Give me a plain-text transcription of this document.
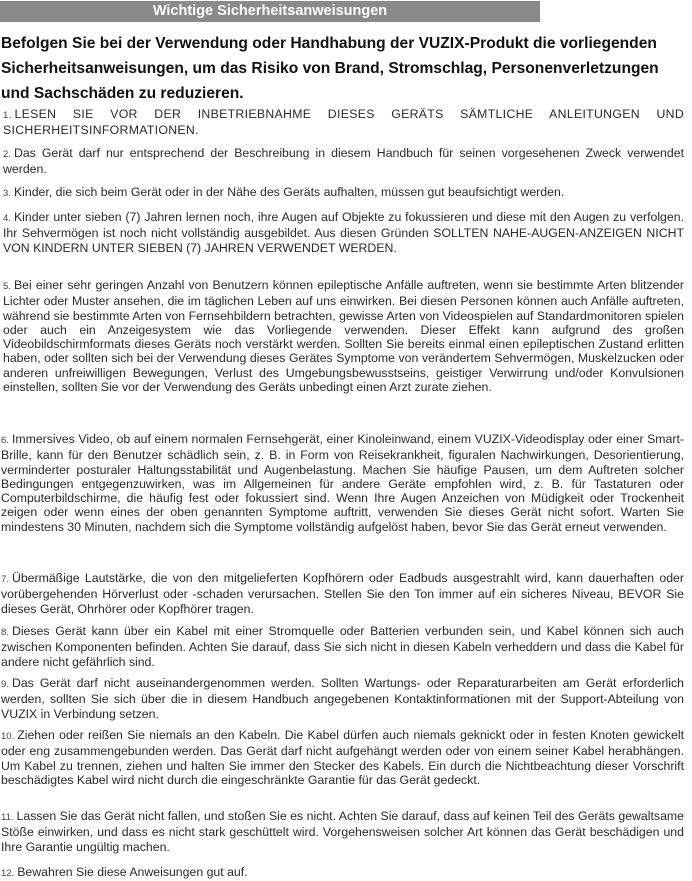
Wichtige Sicherheitsanweisungen

Befolgen Sie bei der Verwendung oder Handhabung der VUZIX-Produkt die vorliegenden Sicherheitsanweisungen, um das Risiko von Brand, Stromschlag, Personenverletzungen und Sachschäden zu reduzieren.

1. LESEN SIE VOR DER INBETRIEBNAHME DIESES GERÄTS SÄMTLICHE ANLEITUNGEN UND SICHERHEITSINFORMATIONEN.

2. Das Gerät darf nur entsprechend der Beschreibung in diesem Handbuch für seinen vorgesehenen Zweck verwendet werden.

3. Kinder, die sich beim Gerät oder in der Nähe des Geräts aufhalten, müssen gut beaufsichtigt werden.

4. Kinder unter sieben (7) Jahren lernen noch, ihre Augen auf Objekte zu fokussieren und diese mit den Augen zu verfolgen. Ihr Sehvermögen ist noch nicht vollständig ausgebildet. Aus diesen Gründen SOLLTEN NAHE-AUGEN-ANZEIGEN NICHT VON KINDERN UNTER SIEBEN (7) JAHREN VERWENDET WERDEN.

5. Bei einer sehr geringen Anzahl von Benutzern können epileptische Anfälle auftreten, wenn sie bestimmte Arten blitzender Lichter oder Muster ansehen, die im täglichen Leben auf uns einwirken. Bei diesen Personen können auch Anfälle auftreten, während sie bestimmte Arten von Fernsehbildern betrachten, gewisse Arten von Videospielen auf Standardmonitoren spielen oder auch ein Anzeigesystem wie das Vorliegende verwenden. Dieser Effekt kann aufgrund des großen Videobildschirmformats dieses Geräts noch verstärkt werden. Sollten Sie bereits einmal einen epileptischen Zustand erlitten haben, oder sollten sich bei der Verwendung dieses Gerätes Symptome von verändertem Sehvermögen, Muskelzucken oder anderen unfreiwilligen Bewegungen, Verlust des Umgebungsbewusstseins, geistiger Verwirrung und/oder Konvulsionen einstellen, sollten Sie vor der Verwendung des Geräts unbedingt einen Arzt zurate ziehen.

6. Immersives Video, ob auf einem normalen Fernsehgerät, einer Kinoleinwand, einem VUZIX-Videodisplay oder einer Smart-Brille, kann für den Benutzer schädlich sein, z. B. in Form von Reisekrankheit, figuralen Nachwirkungen, Desorientierung, verminderter posturaler Haltungsstabilität und Augenbelastung. Machen Sie häufige Pausen, um dem Auftreten solcher Bedingungen entgegenzuwirken, was im Allgemeinen für andere Geräte empfohlen wird, z. B. für Tastaturen oder Computerbildschirme, die häufig fest oder fokussiert sind. Wenn Ihre Augen Anzeichen von Müdigkeit oder Trockenheit zeigen oder wenn eines der oben genannten Symptome auftritt, verwenden Sie dieses Gerät nicht sofort. Warten Sie mindestens 30 Minuten, nachdem sich die Symptome vollständig aufgelöst haben, bevor Sie das Gerät erneut verwenden.

7. Übermäßige Lautstärke, die von den mitgelieferten Kopfhörern oder Eadbuds ausgestrahlt wird, kann dauerhaften oder vorübergehenden Hörverlust oder -schaden verursachen. Stellen Sie den Ton immer auf ein sicheres Niveau, BEVOR Sie dieses Gerät, Ohrhörer oder Kopfhörer tragen.

8. Dieses Gerät kann über ein Kabel mit einer Stromquelle oder Batterien verbunden sein, und Kabel können sich auch zwischen Komponenten befinden. Achten Sie darauf, dass Sie sich nicht in diesen Kabeln verheddern und dass die Kabel für andere nicht gefährlich sind.

9. Das Gerät darf nicht auseinandergenommen werden. Sollten Wartungs- oder Reparaturarbeiten am Gerät erforderlich werden, sollten Sie sich über die in diesem Handbuch angegebenen Kontaktinformationen mit der Support-Abteilung von VUZIX in Verbindung setzen.

10. Ziehen oder reißen Sie niemals an den Kabeln. Die Kabel dürfen auch niemals geknickt oder in festen Knoten gewickelt oder eng zusammengebunden werden. Das Gerät darf nicht aufgehängt werden oder von einem seiner Kabel herabhängen. Um Kabel zu trennen, ziehen und halten Sie immer den Stecker des Kabels. Ein durch die Nichtbeachtung dieser Vorschrift beschädigtes Kabel wird nicht durch die eingeschränkte Garantie für das Gerät gedeckt.

11. Lassen Sie das Gerät nicht fallen, und stoßen Sie es nicht. Achten Sie darauf, dass auf keinen Teil des Geräts gewaltsame Stöße einwirken, und dass es nicht stark geschüttelt wird. Vorgehensweisen solcher Art können das Gerät beschädigen und Ihre Garantie ungültig machen.

12. Bewahren Sie diese Anweisungen gut auf.
